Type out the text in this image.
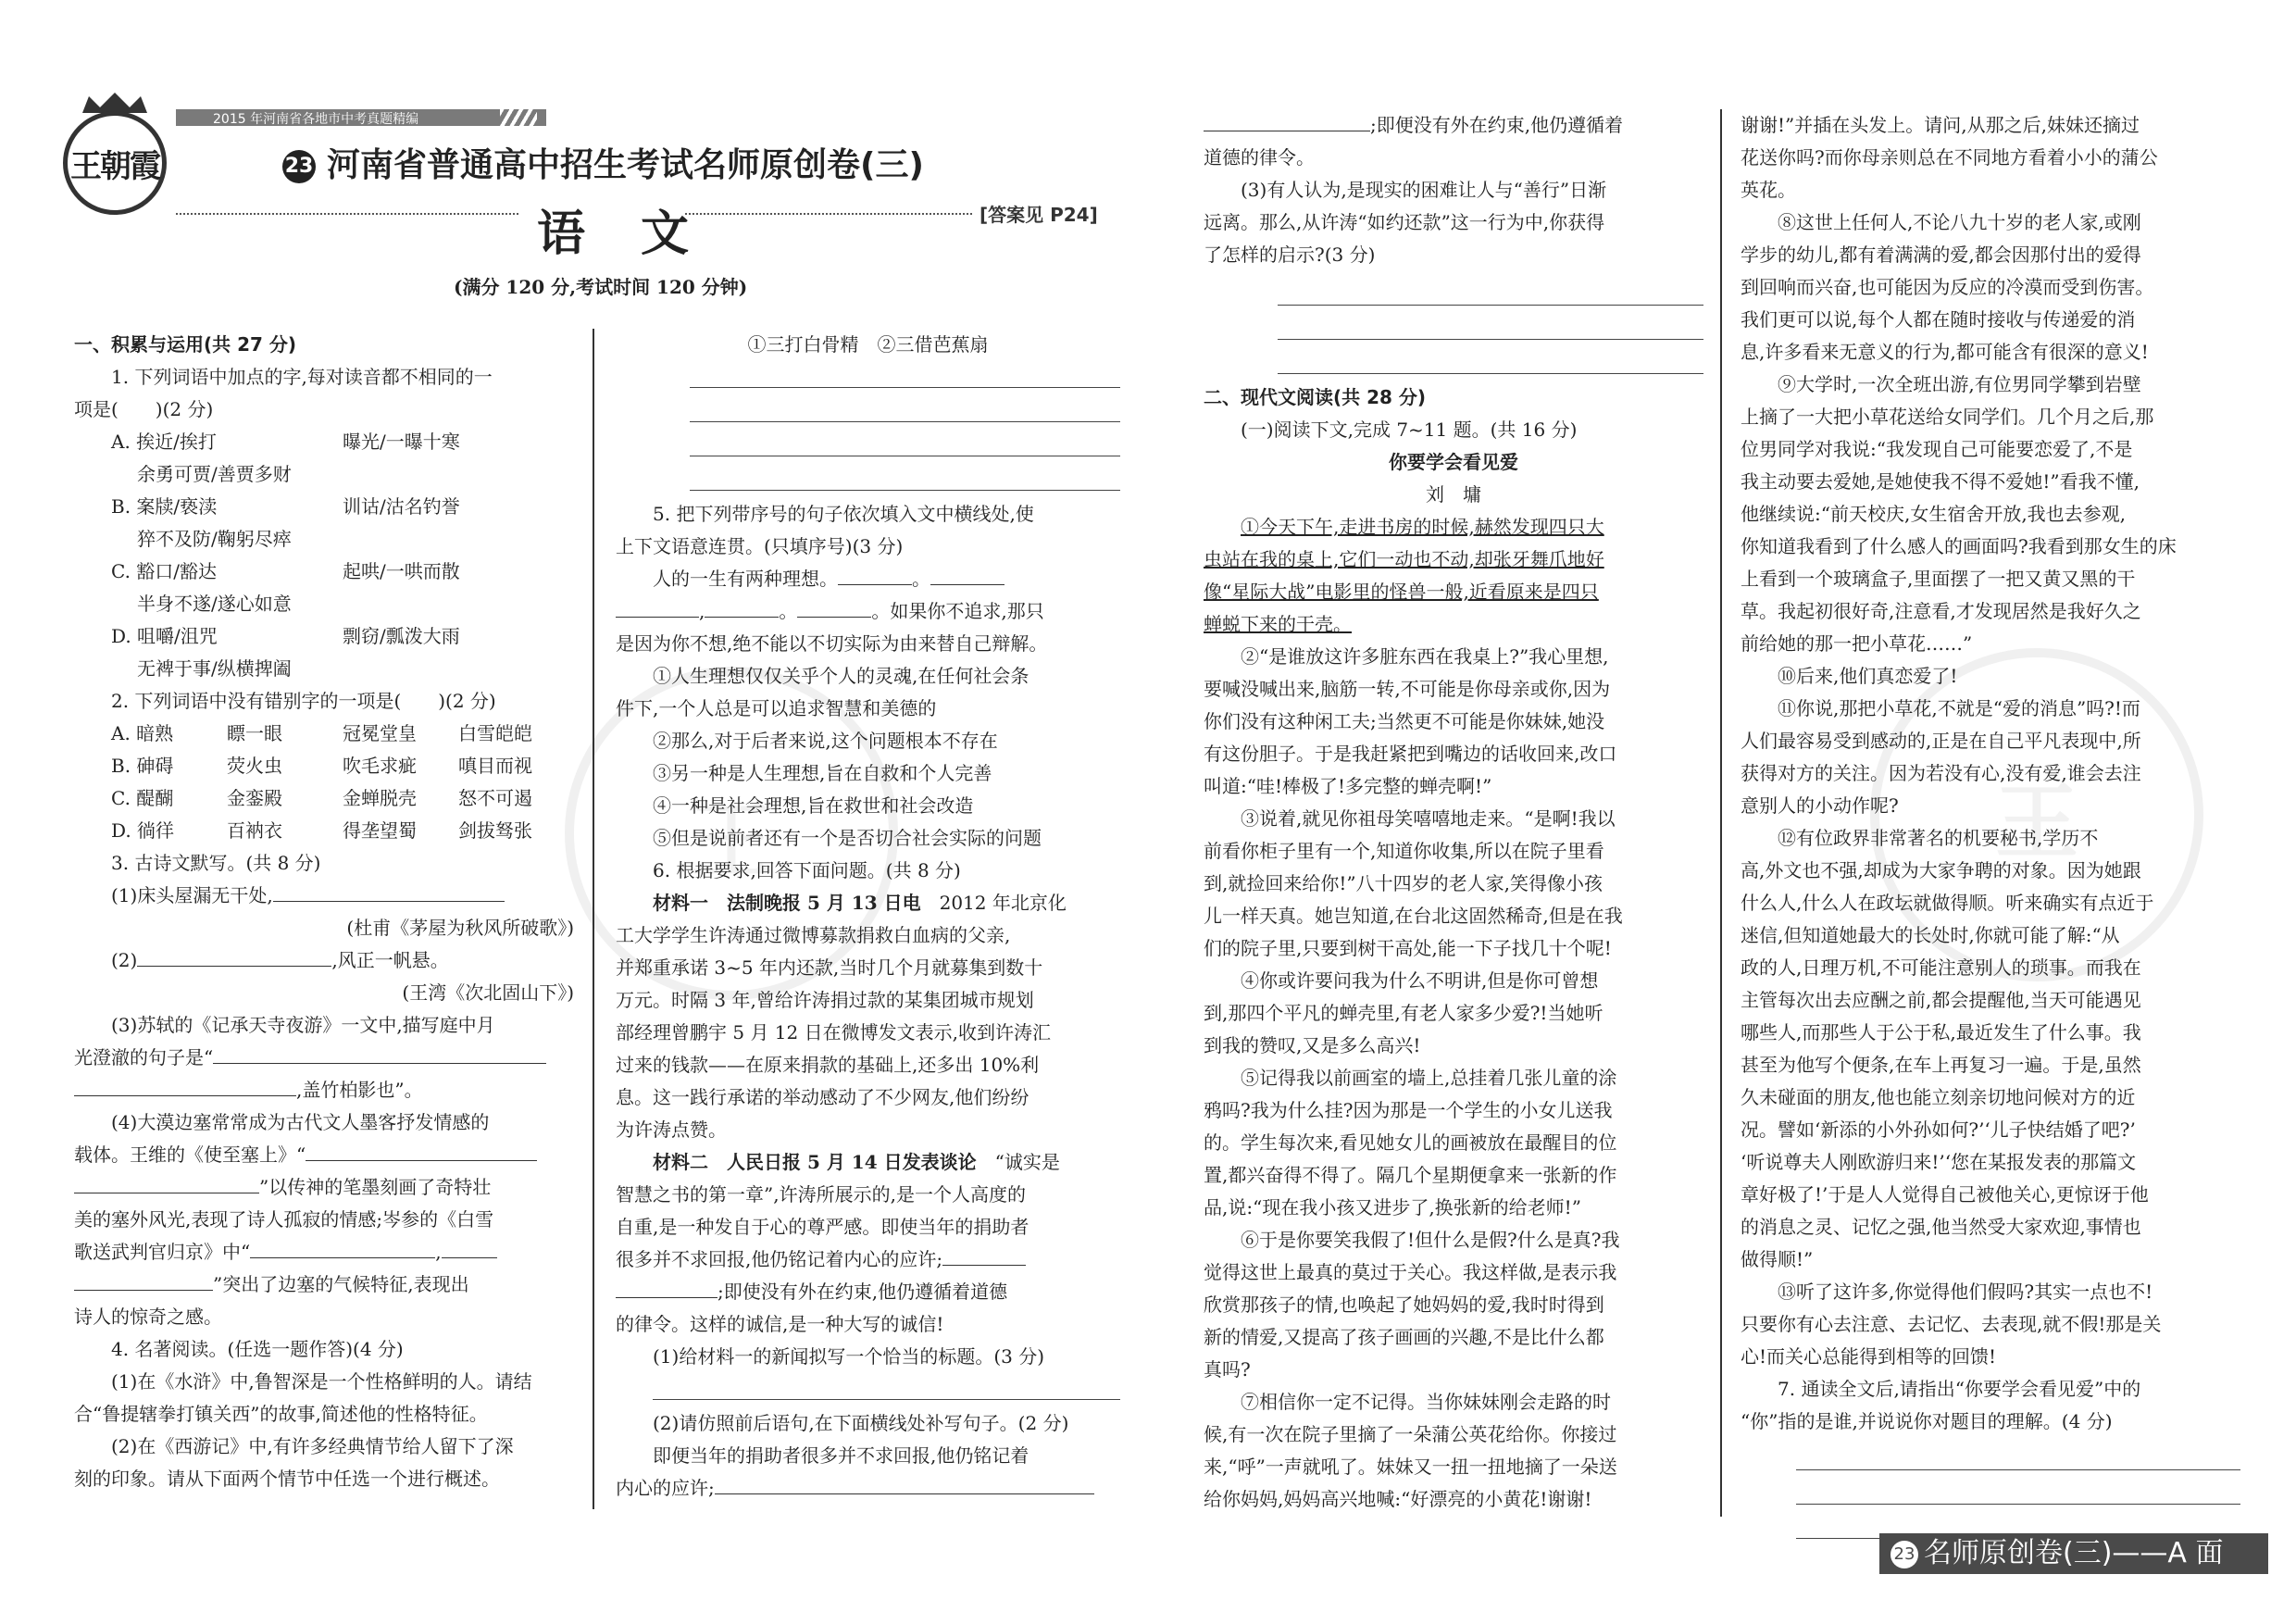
王	王
2015 年河南省各地市中考真题精编
王朝霞	23 河南省普通高中招生考试名师原创卷(三)
语文	[答案见 P24]
(满分 120 分,考试时间 120 分钟)

一、积累与运用(共 27 分)

1. 下列词语中加点的字,每对读音都不相同的一

项是(　　)(2 分)

A. 挨近/挨打	曝光/一曝十寒
余勇可贾/善贾多财
B. 案牍/亵渎	训诂/沽名钓誉
猝不及防/鞠躬尽瘁
C. 豁口/豁达	起哄/一哄而散
半身不遂/遂心如意
D. 咀嚼/沮咒	剽窃/瓢泼大雨
无裨于事/纵横捭阖

2. 下列词语中没有错别字的一项是(　　)(2 分)

A. 暗熟	瞟一眼	冠冕堂皇	白雪皑皑
B. 砷碍	荧火虫	吹毛求疵	嗔目而视
C. 醍醐	金銮殿	金蝉脱壳	怒不可遏
D. 徜徉	百衲衣	得垄望蜀	剑拔驽张

3. 古诗文默写。(共 8 分)

(1)床头屋漏无干处,

(杜甫《茅屋为秋风所破歌》)

(2)	,风正一帆悬。

(王湾《次北固山下》)

(3)苏轼的《记承天寺夜游》一文中,描写庭中月

光澄澈的句子是“

,盖竹柏影也”。

(4)大漠边塞常常成为古代文人墨客抒发情感的

载体。王维的《使至塞上》“

”以传神的笔墨刻画了奇特壮

美的塞外风光,表现了诗人孤寂的情感;岑参的《白雪

歌送武判官归京》中“	,

”突出了边塞的气候特征,表现出

诗人的惊奇之感。

4. 名著阅读。(任选一题作答)(4 分)

(1)在《水浒》中,鲁智深是一个性格鲜明的人。请结

合“鲁提辖拳打镇关西”的故事,简述他的性格特征。

(2)在《西游记》中,有许多经典情节给人留下了深

刻的印象。请从下面两个情节中任选一个进行概述。

①三打白骨精　②三借芭蕉扇

5. 把下列带序号的句子依次填入文中横线处,使

上下文语意连贯。(只填序号)(3 分)

人的一生有两种理想。	。

,	。	。如果你不追求,那只

是因为你不想,绝不能以不切实际为由来替自己辩解。

①人生理想仅仅关乎个人的灵魂,在任何社会条

件下,一个人总是可以追求智慧和美德的

②那么,对于后者来说,这个问题根本不存在

③另一种是人生理想,旨在自救和个人完善

④一种是社会理想,旨在救世和社会改造

⑤但是说前者还有一个是否切合社会实际的问题

6. 根据要求,回答下面问题。(共 8 分)

材料一　法制晚报 5 月 13 日电　 2012 年北京化

工大学学生许涛通过微博募款捐救白血病的父亲,

并郑重承诺 3~5 年内还款,当时几个月就募集到数十

万元。时隔 3 年,曾给许涛捐过款的某集团城市规划

部经理曾鹏宇 5 月 12 日在微博发文表示,收到许涛汇

过来的钱款——在原来捐款的基础上,还多出 10%利

息。这一践行承诺的举动感动了不少网友,他们纷纷

为许涛点赞。

材料二　人民日报 5 月 14 日发表谈论　 “诚实是

智慧之书的第一章”,许涛所展示的,是一个人高度的

自重,是一种发自于心的尊严感。即使当年的捐助者

很多并不求回报,他仍铭记着内心的应许;

;即使没有外在约束,他仍遵循着道德

的律令。这样的诚信,是一种大写的诚信!

(1)给材料一的新闻拟写一个恰当的标题。(3 分)

(2)请仿照前后语句,在下面横线处补写句子。(2 分)

即便当年的捐助者很多并不求回报,他仍铭记着

内心的应许;

;即便没有外在约束,他仍遵循着

道德的律令。

(3)有人认为,是现实的困难让人与“善行”日渐

远离。那么,从许涛“如约还款”这一行为中,你获得

了怎样的启示?(3 分)

二、现代文阅读(共 28 分)

(一)阅读下文,完成 7~11 题。(共 16 分)

你要学会看见爱

刘　墉

①今天下午,走进书房的时候,赫然发现四只大

虫站在我的桌上,它们一动也不动,却张牙舞爪地好

像“星际大战”电影里的怪兽一般,近看原来是四只

蝉蜕下来的干壳。

②“是谁放这许多脏东西在我桌上?”我心里想,

要喊没喊出来,脑筋一转,不可能是你母亲或你,因为

你们没有这种闲工夫;当然更不可能是你妹妹,她没

有这份胆子。于是我赶紧把到嘴边的话收回来,改口

叫道:“哇!棒极了!多完整的蝉壳啊!”

③说着,就见你祖母笑嘻嘻地走来。“是啊!我以

前看你柜子里有一个,知道你收集,所以在院子里看

到,就捡回来给你!”八十四岁的老人家,笑得像小孩

儿一样天真。她岂知道,在台北这固然稀奇,但是在我

们的院子里,只要到树干高处,能一下子找几十个呢!

④你或许要问我为什么不明讲,但是你可曾想

到,那四个平凡的蝉壳里,有老人家多少爱?!当她听

到我的赞叹,又是多么高兴!

⑤记得我以前画室的墙上,总挂着几张儿童的涂

鸦吗?我为什么挂?因为那是一个学生的小女儿送我

的。学生每次来,看见她女儿的画被放在最醒目的位

置,都兴奋得不得了。隔几个星期便拿来一张新的作

品,说:“现在我小孩又进步了,换张新的给老师!”

⑥于是你要笑我假了!但什么是假?什么是真?我

觉得这世上最真的莫过于关心。我这样做,是表示我

欣赏那孩子的情,也唤起了她妈妈的爱,我时时得到

新的情爱,又提高了孩子画画的兴趣,不是比什么都

真吗?

⑦相信你一定不记得。当你妹妹刚会走路的时

候,有一次在院子里摘了一朵蒲公英花给你。你接过

来,“呼”一声就吼了。妹妹又一扭一扭地摘了一朵送

给你妈妈,妈妈高兴地喊:“好漂亮的小黄花!谢谢!

谢谢!”并插在头发上。请问,从那之后,妹妹还摘过

花送你吗?而你母亲则总在不同地方看着小小的蒲公

英花。

⑧这世上任何人,不论八九十岁的老人家,或刚

学步的幼儿,都有着满满的爱,都会因那付出的爱得

到回响而兴奋,也可能因为反应的冷漠而受到伤害。

我们更可以说,每个人都在随时接收与传递爱的消

息,许多看来无意义的行为,都可能含有很深的意义!

⑨大学时,一次全班出游,有位男同学攀到岩壁

上摘了一大把小草花送给女同学们。几个月之后,那

位男同学对我说:“我发现自己可能要恋爱了,不是

我主动要去爱她,是她使我不得不爱她!”看我不懂,

他继续说:“前天校庆,女生宿舍开放,我也去参观,

你知道我看到了什么感人的画面吗?我看到那女生的床

上看到一个玻璃盒子,里面摆了一把又黄又黑的干

草。我起初很好奇,注意看,才发现居然是我好久之

前给她的那一把小草花……”

⑩后来,他们真恋爱了!

⑪你说,那把小草花,不就是“爱的消息”吗?!而

人们最容易受到感动的,正是在自己平凡表现中,所

获得对方的关注。因为若没有心,没有爱,谁会去注

意别人的小动作呢?

⑫有位政界非常著名的机要秘书,学历不

高,外文也不强,却成为大家争聘的对象。因为她跟

什么人,什么人在政坛就做得顺。听来确实有点近于

迷信,但知道她最大的长处时,你就可能了解:“从

政的人,日理万机,不可能注意别人的琐事。而我在

主管每次出去应酬之前,都会提醒他,当天可能遇见

哪些人,而那些人于公于私,最近发生了什么事。我

甚至为他写个便条,在车上再复习一遍。于是,虽然

久未碰面的朋友,他也能立刻亲切地问候对方的近

况。譬如‘新添的小外孙如何?’‘儿子快结婚了吧?’

‘听说尊夫人刚欧游归来!’‘您在某报发表的那篇文

章好极了!’于是人人觉得自己被他关心,更惊讶于他

的消息之灵、记忆之强,他当然受大家欢迎,事情也

做得顺!”

⑬听了这许多,你觉得他们假吗?其实一点也不!

只要你有心去注意、去记忆、去表现,就不假!那是关

心!而关心总能得到相等的回馈!

7. 通读全文后,请指出“你要学会看见爱”中的

“你”指的是谁,并说说你对题目的理解。(4 分)

23 名师原创卷(三)——A 面
